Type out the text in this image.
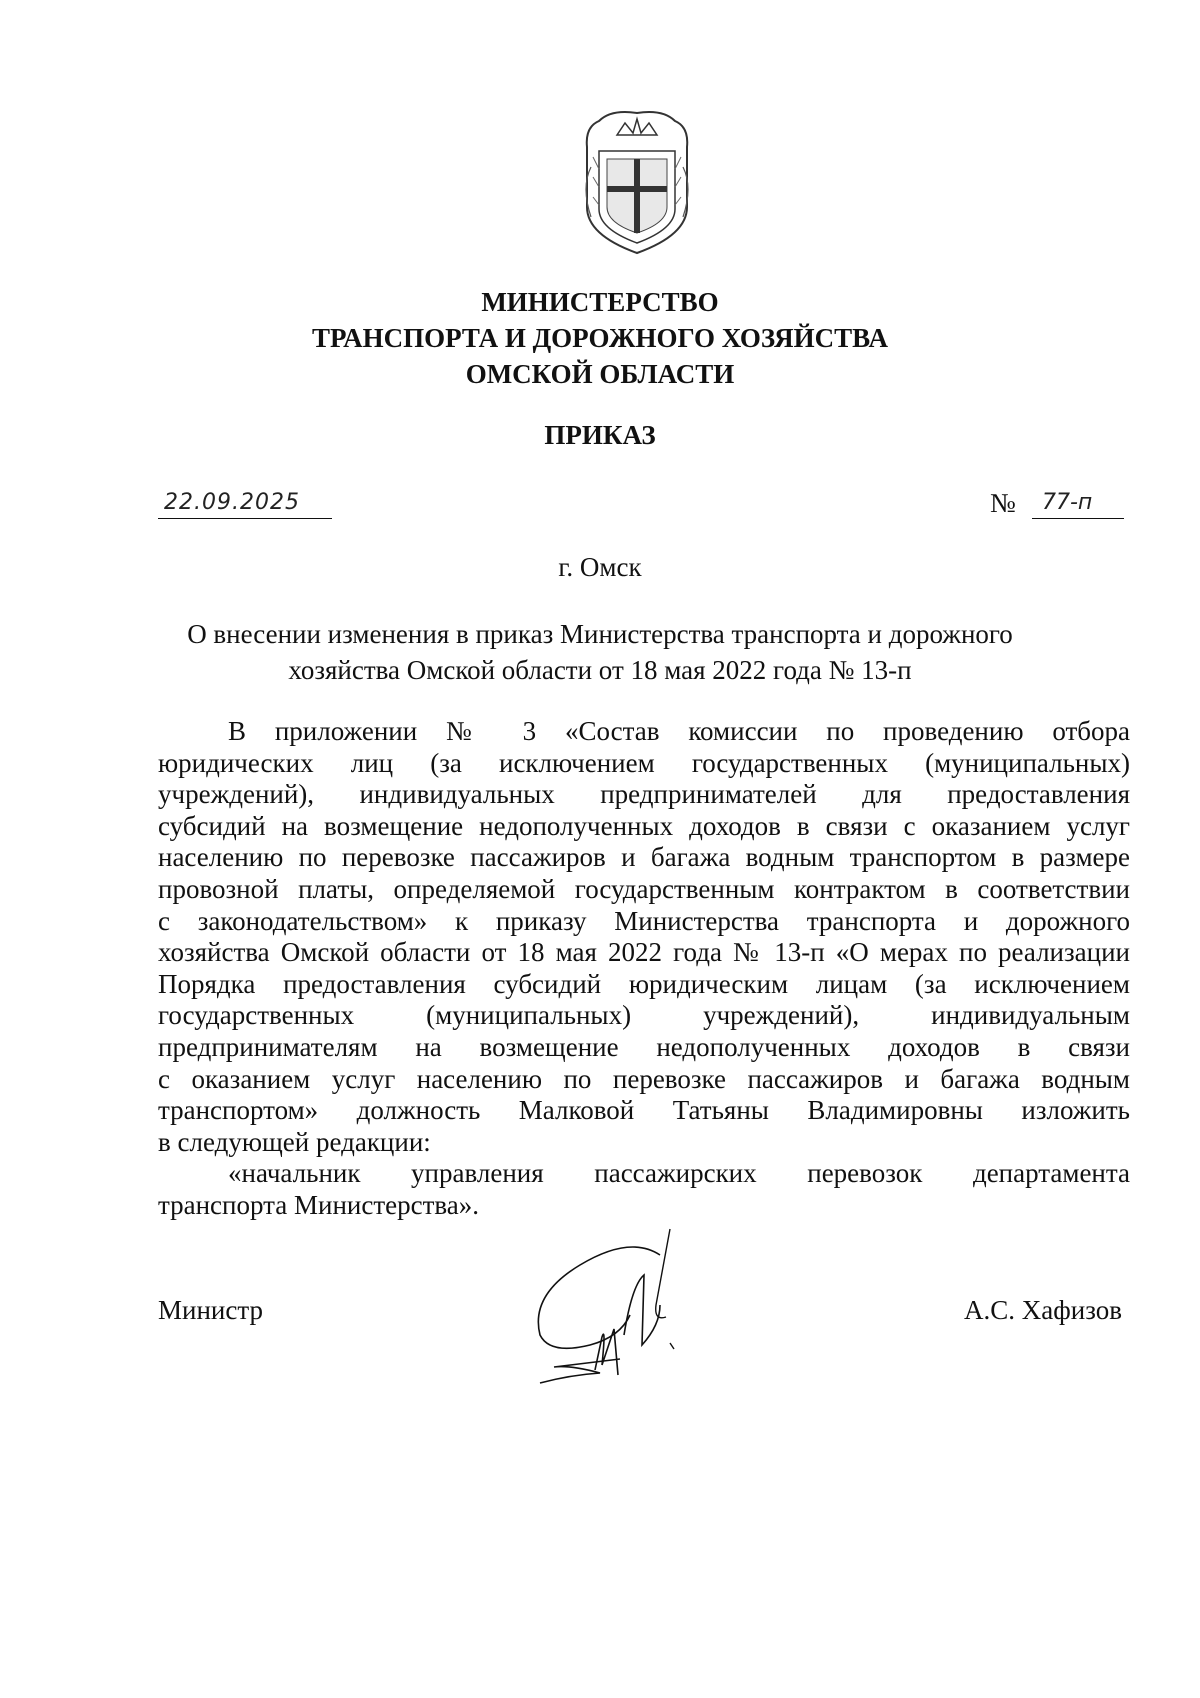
МИНИСТЕРСТВО
ТРАНСПОРТА И ДОРОЖНОГО ХОЗЯЙСТВА
ОМСКОЙ ОБЛАСТИ
ПРИКАЗ
22.09.2025	№	77-п
г. Омск
О внесении изменения в приказ Министерства транспорта и дорожного
хозяйства Омской области от 18 мая 2022 года № 13-п
В приложении № 3 «Состав комиссии по проведению отбора
юридических лиц (за исключением государственных (муниципальных)
учреждений), индивидуальных предпринимателей для предоставления
субсидий на возмещение недополученных доходов в связи с оказанием услуг
населению по перевозке пассажиров и багажа водным транспортом в размере
провозной платы, определяемой государственным контрактом в соответствии
с законодательством» к приказу Министерства транспорта и дорожного
хозяйства Омской области от 18 мая 2022 года № 13-п «О мерах по реализации
Порядка предоставления субсидий юридическим лицам (за исключением
государственных (муниципальных) учреждений), индивидуальным
предпринимателям на возмещение недополученных доходов в связи
с оказанием услуг населению по перевозке пассажиров и багажа водным
транспортом» должность Малковой Татьяны Владимировны изложить
в следующей редакции:
«начальник управления пассажирских перевозок департамента
транспорта Министерства».
Министр	А.С. Хафизов
